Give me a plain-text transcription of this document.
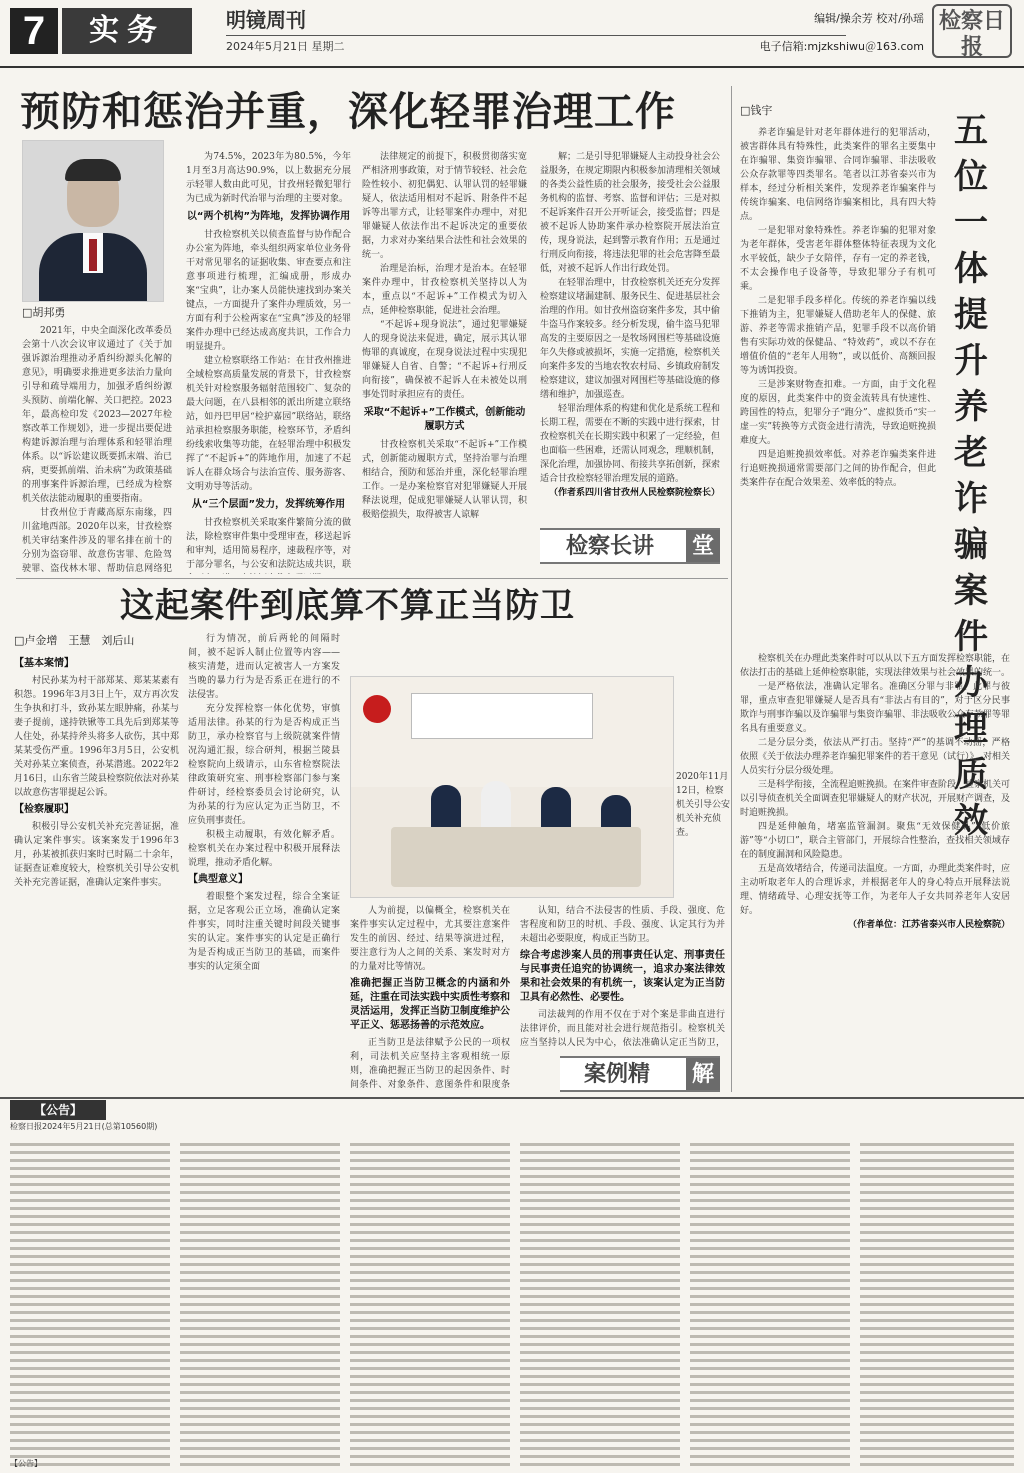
7	实务	明镜周刊
2024年5月21日 星期二
编辑/操余芳 校对/孙瑶
电子信箱:mjzkshiwu＠163.com
检察日报
预防和惩治并重，深化轻罪治理工作
□胡邦勇

2021年，中央全面深化改革委员会第十八次会议审议通过了《关于加强诉源治理推动矛盾纠纷源头化解的意见》，明确要求推进更多法治力量向引导和疏导端用力，加强矛盾纠纷源头预防、前端化解、关口把控。2023年，最高检印发《2023—2027年检察改革工作规划》，进一步提出要促进构建诉源治理与治理体系和轻罪治理体系。以“诉讼建议既要抓末端、治已病，更要抓前端、治未病”为政策基础的刑事案件诉源治理，已经成为检察机关依法能动履职的重要指南。

甘孜州位于青藏高原东南缘，四川盆地西部。2020年以来，甘孜检察机关审结案件涉及的罪名排在前十的分别为盗窃罪、故意伤害罪、危险驾驶罪、盗伐林木罪、帮助信息网络犯

为74.5%，2023年为80.5%，今年1月至3月高达90.9%，以上数据充分展示轻罪人数由此可见，甘孜州轻微犯罪行为已成为新时代治罪与治理的主要对象。

以“两个机构”为阵地，发挥协调作用

甘孜检察机关以侦查监督与协作配合办公室为阵地，牵头组织两家单位业务骨干对常见罪名的证据收集、审查要点和注意事项进行梳理，汇编成册，形成办案“宝典”，让办案人员能快速找到办案关键点，一方面提升了案件办理质效，另一方面有利于公检两家在“宝典”涉及的轻罪案件办理中已经达成高度共识，工作合力明显提升。

建立检察联络工作站：在甘孜州推进全域检察高质量发展的背景下，甘孜检察机关针对检察服务辐射范围较广、复杂的最大问题，在八县相邻的派出所建立联络站，如丹巴甲居“检护嘉园”联络站，联络站承担检察服务职能，检察环节，矛盾纠纷线索收集等功能，在轻罪治理中积极发挥了“不起诉+”的阵地作用，加速了不起诉人在群众场合与法治宣传、服务游客、文明劝导等活动。

从“三个层面”发力，发挥统筹作用

甘孜检察机关采取案件繁简分流的做法，除检察审件集中受理审查，移送起诉和审判，适用简易程序，速裁程序等，对于部分罪名，与公安和法院达成共识，联

法律规定的前提下，积极贯彻落实宽严相济刑事政策，对于情节较轻、社会危险性较小、初犯偶犯、认罪认罚的轻罪嫌疑人，依法适用相对不起诉、附条件不起诉等出罪方式，让轻罪案件办理中，对犯罪嫌疑人依法作出不起诉决定的重要依据，力求对办案结果合法性和社会效果的统一。

治理是治标，治理才是治本。在轻罪案件办理中，甘孜检察机关坚持以人为本，重点以“不起诉+”工作模式为切入点，延伸检察职能，促进社会治理。

“不起诉+现身说法”，通过犯罪嫌疑人的现身说法来促进，确定，展示其认罪悔罪的真诚度，在现身说法过程中实现犯罪嫌疑人自省、自警；“不起诉+行刑反向衔接”，确保被不起诉人在未被处以刑事处罚时承担应有的责任。

采取“不起诉+”工作模式，创新能动履职方式

甘孜检察机关采取“不起诉+”工作模式，创新能动履职方式，坚持治罪与治理相结合，预防和惩治并重，深化轻罪治理工作。一是办案检察官对犯罪嫌疑人开展释法说理，促成犯罪嫌疑人认罪认罚，积极赔偿损失，取得被害人谅解

解；二是引导犯罪嫌疑人主动投身社会公益服务，在规定期限内积极参加清理相关领域的各类公益性质的社会服务，接受社会公益服务机构的监督、考察、监督和评估；三是对拟不起诉案件召开公开听证会，接受监督；四是被不起诉人协助案件承办检察院开展法治宣传，现身说法，起到警示教育作用；五是通过行刑反向衔接，将违法犯罪的社会危害降至最低，对被不起诉人作出行政处罚。

在轻罪治理中，甘孜检察机关还充分发挥检察建议堵漏建制、服务民生、促进基层社会治理的作用。如甘孜州盗窃案件多发，其中偷牛盗马作案较多。经分析发现，偷牛盗马犯罪高发的主要原因之一是牧场网围栏等基础设施年久失修或被损坏，实施一定措施，检察机关向案件多发的当地农牧农村局、乡镇政府制发检察建议，建议加强对网围栏等基础设施的修缮和维护，加强巡查。

轻罪治理体系的构建和优化是系统工程和长期工程，需要在不断的实践中进行探索，甘孜检察机关在长期实践中积累了一定经验，但也面临一些困难，还需认同观念，理顺机制，深化治理，加强协同、衔接共享拓创新，探索适合甘孜检察轻罪治理发展的道路。

（作者系四川省甘孜州人民检察院检察长）
检察长讲 堂
这起案件到底算不算正当防卫
□卢金增　王慧　刘后山
【基本案情】

村民孙某为村干部郑某、郑某某素有积怨。1996年3月3日上午，双方再次发生争执和打斗，致孙某左眼肿痛，孙某与妻子提前，遂持铁锹等工具先后到郑某等人住处，孙某持斧头将多人砍伤，其中郑某某受伤严重。1996年3月5日，公安机关对孙某立案侦查，孙某潜逃。2022年2月16日，山东省兰陵县检察院依法对孙某以故意伤害罪提起公诉。

【检察履职】

积极引导公安机关补充完善证据，准确认定案件事实。该案案发于1996年3月，孙某被抓获归案时已时隔二十余年，证据查证难度较大，检察机关引导公安机关补充完善证据，准确认定案件事实。

行为情况，前后两轮的间隔时间，被不起诉人制止位置等内容——核实清楚，进而认定被害人一方案发当晚的暴力行为是否系正在进行的不法侵害。

充分发挥检察一体化优势，审慎适用法律。孙某的行为是否构成正当防卫，承办检察官与上级院就案件情况沟通汇报，综合研判，根据兰陵县检察院向上级请示，山东省检察院法律政策研究室、刑事检察部门参与案件研讨，经检察委员会讨论研究，认为孙某的行为应认定为正当防卫，不应负刑事责任。

积极主动履职，有效化解矛盾。检察机关在办案过程中积极开展释法说理，推动矛盾化解。

【典型意义】

着眼整个案发过程，综合全案证据，立足客观公正立场，准确认定案件事实，同时注重关键时间段关键事实的认定。案件事实的认定是正确行为是否构成正当防卫的基础，而案件事实的认定须全面

2020年11月12日，检察机关引导公安机关补充侦查。

人为前提，以偏概全，检察机关在案件事实认定过程中，尤其要注意案件发生的前因、经过、结果等演进过程，要注意行为人之间的关系、案发时对方的力量对比等情况。

准确把握正当防卫概念的内涵和外延，注重在司法实践中实质性考察和灵活运用，发挥正当防卫制度维护公平正义、惩恶扬善的示范效应。

正当防卫是法律赋予公民的一项权利，司法机关应坚持主客观相统一原则，准确把握正当防卫的起因条件、时间条件、对象条件、意图条件和限度条

认知，结合不法侵害的性质、手段、强度、危害程度和防卫的时机、手段、强度、认定其行为并未超出必要限度，构成正当防卫。

综合考虑涉案人员的刑事责任认定、刑事责任与民事责任追究的协调统一，追求办案法律效果和社会效果的有机统一，该案认定为正当防卫具有必然性、必要性。

司法裁判的作用不仅在于对个案是非曲直进行法律评价，而且能对社会进行规范指引。检察机关应当坚持以人民为中心，依法准确认定正当防卫，

案例精 解
□钱宇
五位一体提升养老诈骗案件办理质效

养老诈骗是针对老年群体进行的犯罪活动，被害群体具有特殊性，此类案件的罪名主要集中在诈骗罪、集资诈骗罪、合同诈骗罪、非法吸收公众存款罪等四类罪名。笔者以江苏省泰兴市为样本，经过分析相关案件，发现养老诈骗案件与传统诈骗案、电信网络诈骗案相比，具有四大特点。

一是犯罪对象特殊性。养老诈骗的犯罪对象为老年群体，受害老年群体整体特征表现为文化水平较低，缺少子女陪伴，存有一定的养老钱，不太会操作电子设备等，导致犯罪分子有机可乘。

二是犯罪手段多样化。传统的养老诈骗以线下推销为主，犯罪嫌疑人借助老年人的保健、旅游、养老等需求推销产品，犯罪手段不以高价销售有实际功效的保健品、“特效药”，或以不存在增值价值的“老年人用物”，或以低价、高额回报等为诱饵投资。

三是涉案财物查扣难。一方面，由于文化程度的原因，此类案件中的资金流转具有快速性、跨国性的特点，犯罪分子“跑分”、虚拟货币“实一虚一实”转换等方式资金进行清洗，导致追赃挽损难度大。

四是追赃挽损效率低。对养老诈骗类案件进行追赃挽损通常需要部门之间的协作配合，但此类案件存在配合效果差、效率低的特点。

检察机关在办理此类案件时可以从以下五方面发挥检察职能，在依法打击的基础上延伸检察职能，实现法律效果与社会效果的统一。

一是严格依法，准确认定罪名。准确区分罪与非罪、此罪与彼罪，重点审查犯罪嫌疑人是否具有“非法占有目的”，对于区分民事欺诈与刑事诈骗以及诈骗罪与集资诈骗罪、非法吸收公众存款罪等罪名具有重要意义。

二是分层分类，依法从严打击。坚持“严”的基调不动摇，严格依照《关于依法办理养老诈骗犯罪案件的若干意见（试行）》，对相关人员实行分层分级处理。

三是科学衔接，全流程追赃挽损。在案件审查阶段，检察机关可以引导侦查机关全面调查犯罪嫌疑人的财产状况，开展财产调查，及时追赃挽损。

四是延伸触角，堵塞监管漏洞。聚焦“无效保健品”“低价旅游”等“小切口”，联合主管部门，开展综合性整治，查找相关领域存在的制度漏洞和风险隐患。

五是高效堵结合，传递司法温度。一方面，办理此类案件时，应主动听取老年人的合理诉求，并根据老年人的身心特点开展释法说理、情绪疏导、心理安抚等工作，为老年人子女共同养老年人安居好。

（作者单位：江苏省泰兴市人民检察院）
【公告】
检察日报2024年5月21日(总第10560期)
【公告】
